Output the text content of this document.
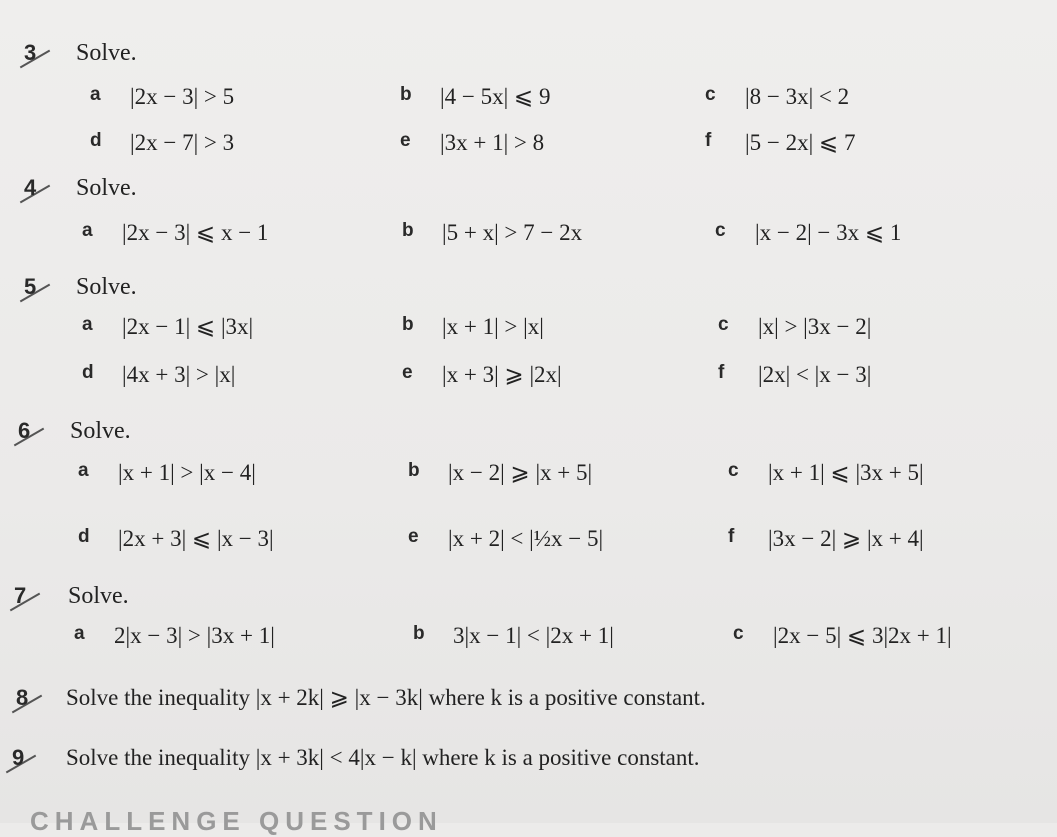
3 Solve.
a |2x − 3| > 5	b |4 − 5x| ⩽ 9	c |8 − 3x| < 2
d |2x − 7| > 3	e |3x + 1| > 8	f |5 − 2x| ⩽ 7
4 Solve.
a |2x − 3| ⩽ x − 1	b |5 + x| > 7 − 2x	c |x − 2| − 3x ⩽ 1
5 Solve.
a |2x − 1| ⩽ |3x|	b |x + 1| > |x|	c |x| > |3x − 2|
d |4x + 3| > |x|	e |x + 3| ⩾ |2x|	f |2x| < |x − 3|
6 Solve.
a |x + 1| > |x − 4|	b |x − 2| ⩾ |x + 5|	c |x + 1| ⩽ |3x + 5|
d |2x + 3| ⩽ |x − 3|	e |x + 2| < |½x − 5|	f |3x − 2| ⩾ |x + 4|
7 Solve.
a 2|x − 3| > |3x + 1|	b 3|x − 1| < |2x + 1|	c |2x − 5| ⩽ 3|2x + 1|
8 Solve the inequality |x + 2k| ⩾ |x − 3k| where k is a positive constant.
9 Solve the inequality |x + 3k| < 4|x − k| where k is a positive constant.
CHALLENGE QUESTION
